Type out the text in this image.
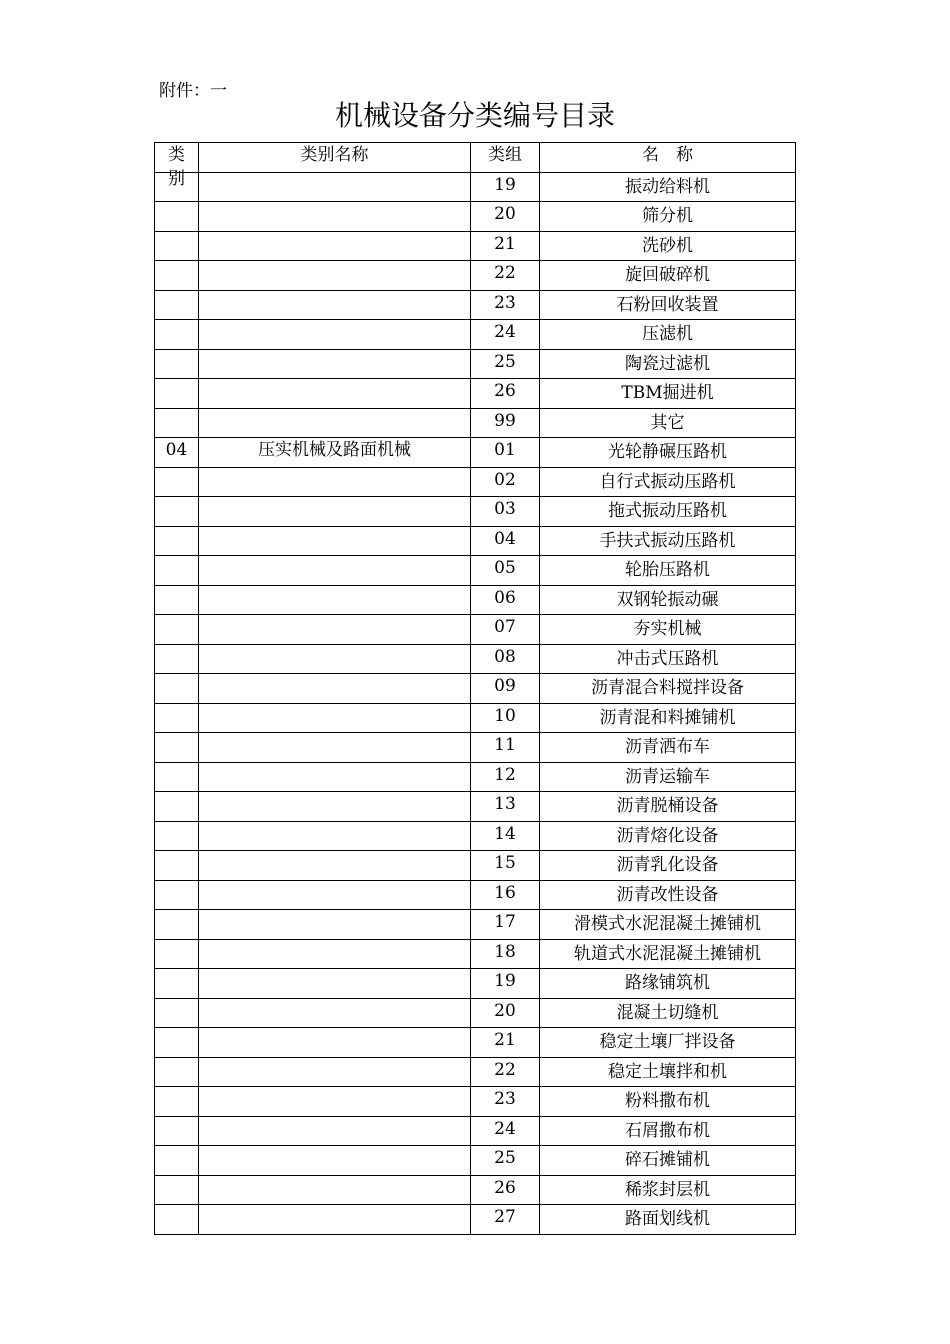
附件：一
机械设备分类编号目录
类别	类别名称	类组	名　称
		19	振动给料机
		20	筛分机
		21	洗砂机
		22	旋回破碎机
		23	石粉回收装置
		24	压滤机
		25	陶瓷过滤机
		26	TBM掘进机
		99	其它
04	压实机械及路面机械	01	光轮静碾压路机
		02	自行式振动压路机
		03	拖式振动压路机
		04	手扶式振动压路机
		05	轮胎压路机
		06	双钢轮振动碾
		07	夯实机械
		08	冲击式压路机
		09	沥青混合料搅拌设备
		10	沥青混和料摊铺机
		11	沥青洒布车
		12	沥青运输车
		13	沥青脱桶设备
		14	沥青熔化设备
		15	沥青乳化设备
		16	沥青改性设备
		17	滑模式水泥混凝土摊铺机
		18	轨道式水泥混凝土摊铺机
		19	路缘铺筑机
		20	混凝土切缝机
		21	稳定土壤厂拌设备
		22	稳定土壤拌和机
		23	粉料撒布机
		24	石屑撒布机
		25	碎石摊铺机
		26	稀浆封层机
		27	路面划线机
